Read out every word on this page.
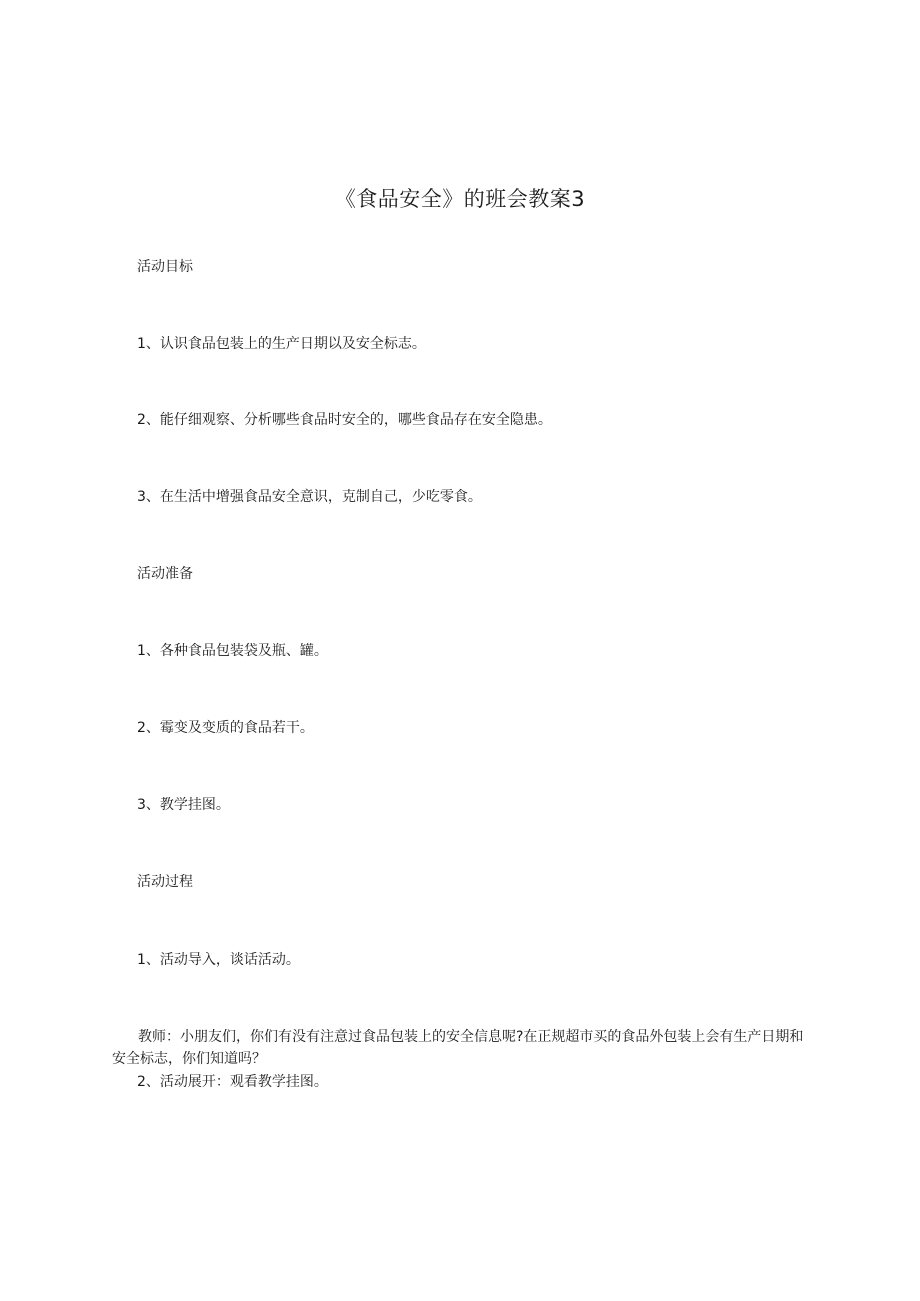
《食品安全》的班会教案3

活动目标

1、认识食品包装上的生产日期以及安全标志。

2、能仔细观察、分析哪些食品时安全的，哪些食品存在安全隐患。

3、在生活中增强食品安全意识，克制自己，少吃零食。

活动准备

1、各种食品包装袋及瓶、罐。

2、霉变及变质的食品若干。

3、教学挂图。

活动过程

1、活动导入，谈话活动。

教师：小朋友们，你们有没有注意过食品包装上的安全信息呢?在正规超市买的食品外包装上会有生产日期和安全标志，你们知道吗？

2、活动展开：观看教学挂图。
